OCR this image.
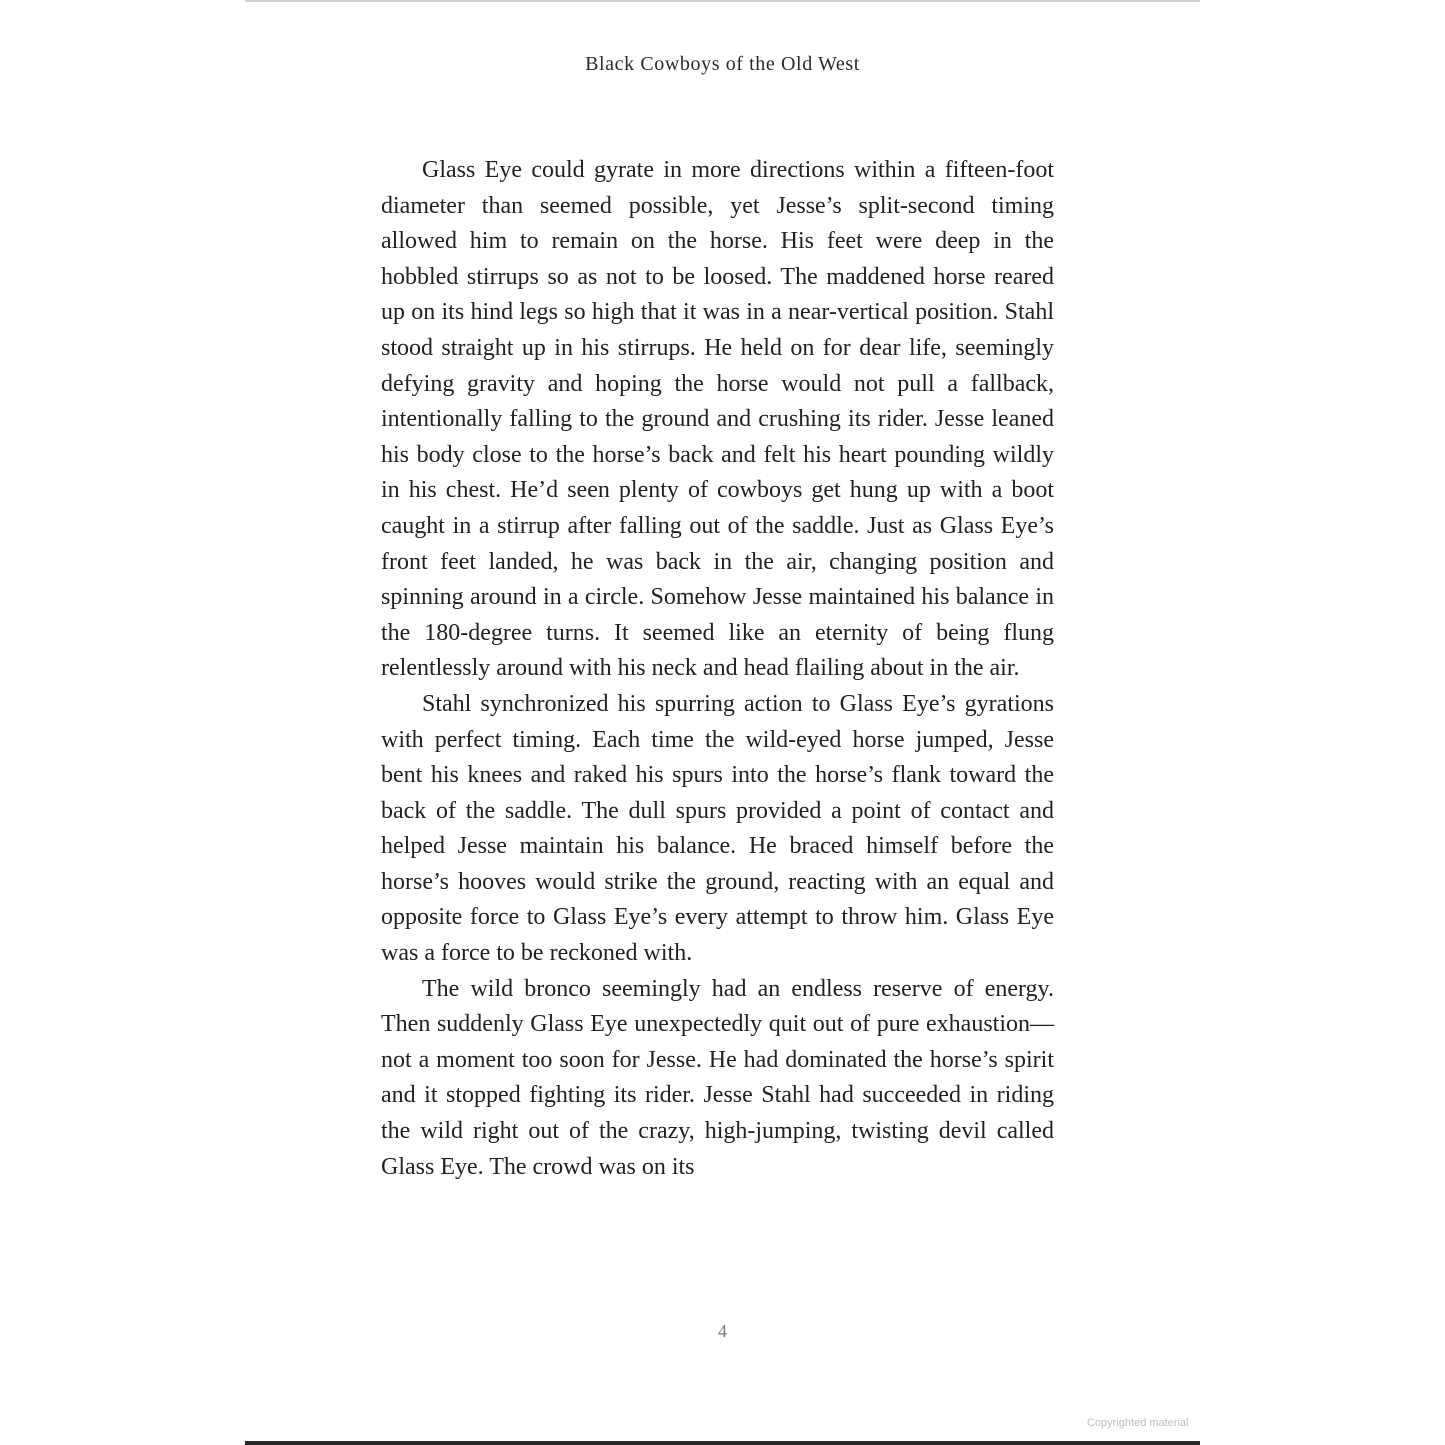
Black Cowboys of the Old West

Glass Eye could gyrate in more directions within a fifteen-foot diameter than seemed possible, yet Jesse’s split-second timing allowed him to remain on the horse. His feet were deep in the hobbled stirrups so as not to be loosed. The maddened horse reared up on its hind legs so high that it was in a near-vertical position. Stahl stood straight up in his stirrups. He held on for dear life, seemingly defying gravity and hoping the horse would not pull a fallback, intentionally falling to the ground and crushing its rider. Jesse leaned his body close to the horse’s back and felt his heart pounding wildly in his chest. He’d seen plenty of cowboys get hung up with a boot caught in a stirrup after falling out of the saddle. Just as Glass Eye’s front feet landed, he was back in the air, changing position and spinning around in a circle. Somehow Jesse maintained his balance in the 180-degree turns. It seemed like an eternity of being flung relentlessly around with his neck and head flailing about in the air.

Stahl synchronized his spurring action to Glass Eye’s gyrations with perfect timing. Each time the wild-eyed horse jumped, Jesse bent his knees and raked his spurs into the horse’s flank toward the back of the saddle. The dull spurs provided a point of contact and helped Jesse maintain his balance. He braced himself before the horse’s hooves would strike the ground, reacting with an equal and opposite force to Glass Eye’s every attempt to throw him. Glass Eye was a force to be reckoned with.

The wild bronco seemingly had an endless reserve of energy. Then suddenly Glass Eye unexpectedly quit out of pure exhaustion—not a moment too soon for Jesse. He had dominated the horse’s spirit and it stopped fighting its rider. Jesse Stahl had succeeded in riding the wild right out of the crazy, high-jumping, twisting devil called Glass Eye. The crowd was on its

4
Copyrighted material
